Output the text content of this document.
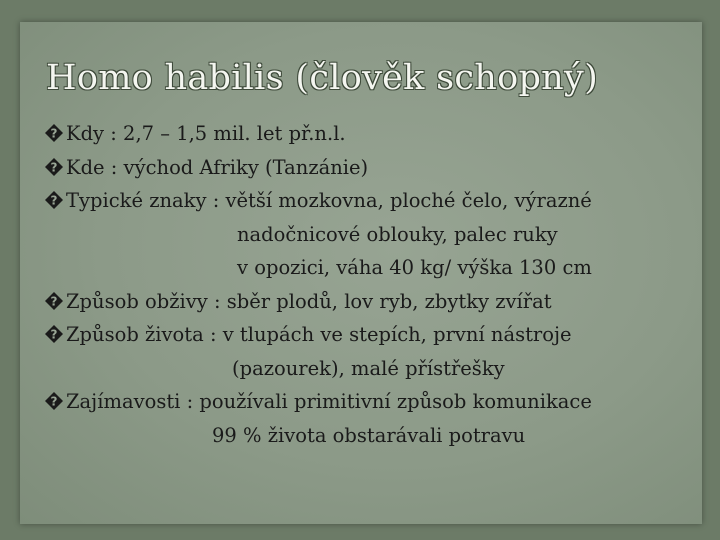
Homo habilis (člověk schopný)
? Kdy : 2,7 – 1,5 mil. let př.n.l.
? Kde : východ Afriky (Tanzánie)
? Typické znaky : větší mozkovna, ploché čelo, výrazné
nadočnicové oblouky, palec ruky
v opozici, váha 40 kg/ výška 130 cm
? Způsob obživy : sběr plodů, lov ryb, zbytky zvířat
? Způsob života : v tlupách ve stepích, první nástroje
(pazourek), malé přístřešky
? Zajímavosti : používali primitivní způsob komunikace
99 % života obstarávali potravu
